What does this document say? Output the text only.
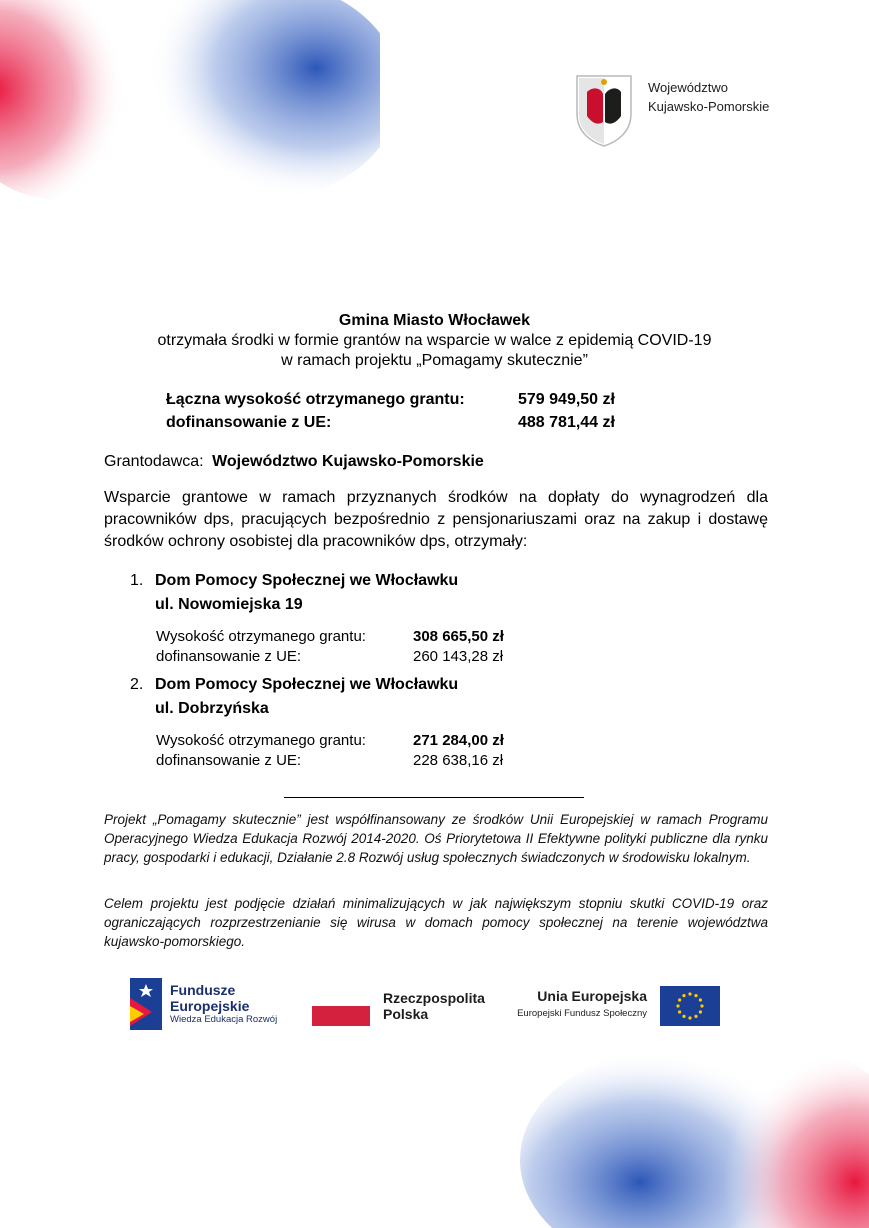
Województwo
Kujawsko-Pomorskie
Gmina Miasto Włocławek
otrzymała środki w formie grantów na wsparcie w walce z epidemią COVID-19
w ramach projektu „Pomagamy skutecznie”
Łączna wysokość otrzymanego grantu:	579 949,50 zł
dofinansowanie z UE:	488 781,44 zł
Grantodawca: Województwo Kujawsko-Pomorskie
Wsparcie grantowe w ramach przyznanych środków na dopłaty do wynagrodzeń dla pracowników dps, pracujących bezpośrednio z pensjonariuszami oraz na zakup i dostawę środków ochrony osobistej dla pracowników dps, otrzymały:
1. Dom Pomocy Społecznej we Włocławku
ul. Nowomiejska 19
Wysokość otrzymanego grantu:	308 665,50 zł
dofinansowanie z UE:	260 143,28 zł
2. Dom Pomocy Społecznej we Włocławku
ul. Dobrzyńska
Wysokość otrzymanego grantu:	271 284,00 zł
dofinansowanie z UE:	228 638,16 zł
Projekt „Pomagamy skutecznie” jest współfinansowany ze środków Unii Europejskiej w ramach Programu Operacyjnego Wiedza Edukacja Rozwój 2014-2020. Oś Priorytetowa II Efektywne polityki publiczne dla rynku pracy, gospodarki i edukacji, Działanie 2.8 Rozwój usług społecznych świadczonych w środowisku lokalnym.
Celem projektu jest podjęcie działań minimalizujących w jak największym stopniu skutki COVID-19 oraz ograniczających rozprzestrzenianie się wirusa w domach pomocy społecznej na terenie województwa kujawsko-pomorskiego.
Fundusze
Europejskie
Wiedza Edukacja Rozwój
Rzeczpospolita
Polska
Unia Europejska
Europejski Fundusz Społeczny
